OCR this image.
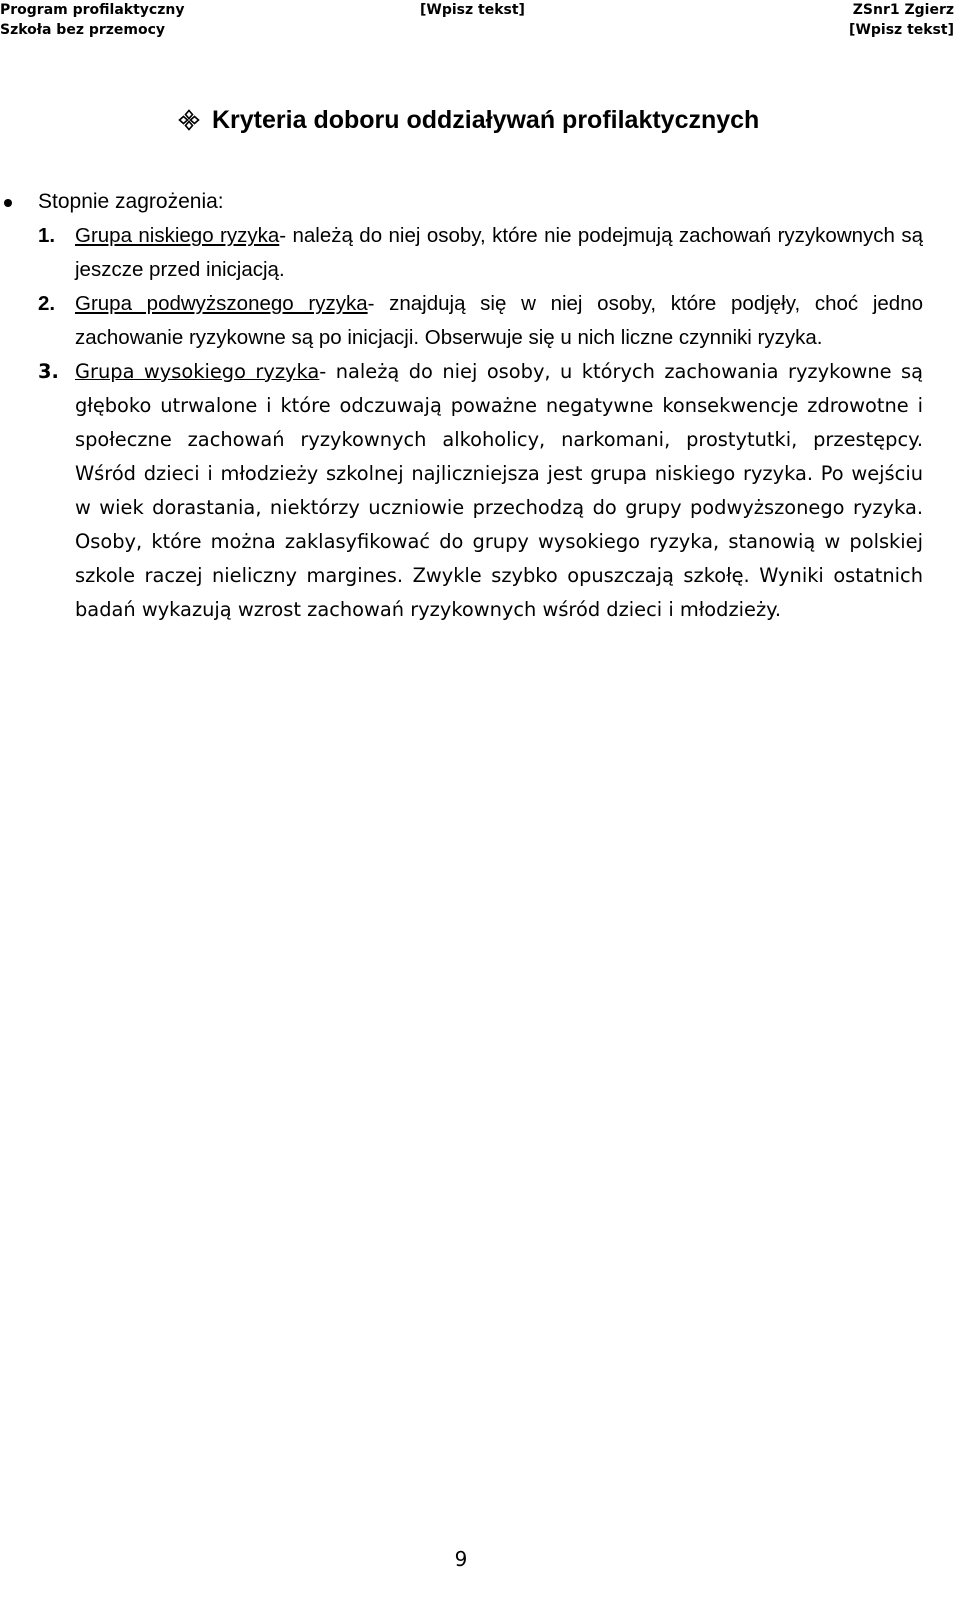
Program profilaktyczny
Szkoła bez przemocy
[Wpisz tekst]	ZSnr1 Zgierz
[Wpisz tekst]
Kryteria doboru oddziaływań profilaktycznych
Stopnie zagrożenia:
1. Grupa niskiego ryzyka- należą do niej osoby, które nie podejmują zachowań ryzykownych są jeszcze przed inicjacją.
2. Grupa podwyższonego ryzyka- znajdują się w niej osoby, które podjęły, choć jedno zachowanie ryzykowne są po inicjacji. Obserwuje się u nich liczne czynniki ryzyka.
3. Grupa wysokiego ryzyka- należą do niej osoby, u których zachowania ryzykowne są głęboko utrwalone i które odczuwają poważne negatywne konsekwencje zdrowotne i społeczne zachowań ryzykownych alkoholicy, narkomani, prostytutki, przestępcy. Wśród dzieci i młodzieży szkolnej najliczniejsza jest grupa niskiego ryzyka. Po wejściu w wiek dorastania, niektórzy uczniowie przechodzą do grupy podwyższonego ryzyka. Osoby, które można zaklasyfikować do grupy wysokiego ryzyka, stanowią w polskiej szkole raczej nieliczny margines. Zwykle szybko opuszczają szkołę. Wyniki ostatnich badań wykazują wzrost zachowań ryzykownych wśród dzieci i młodzieży.
9
